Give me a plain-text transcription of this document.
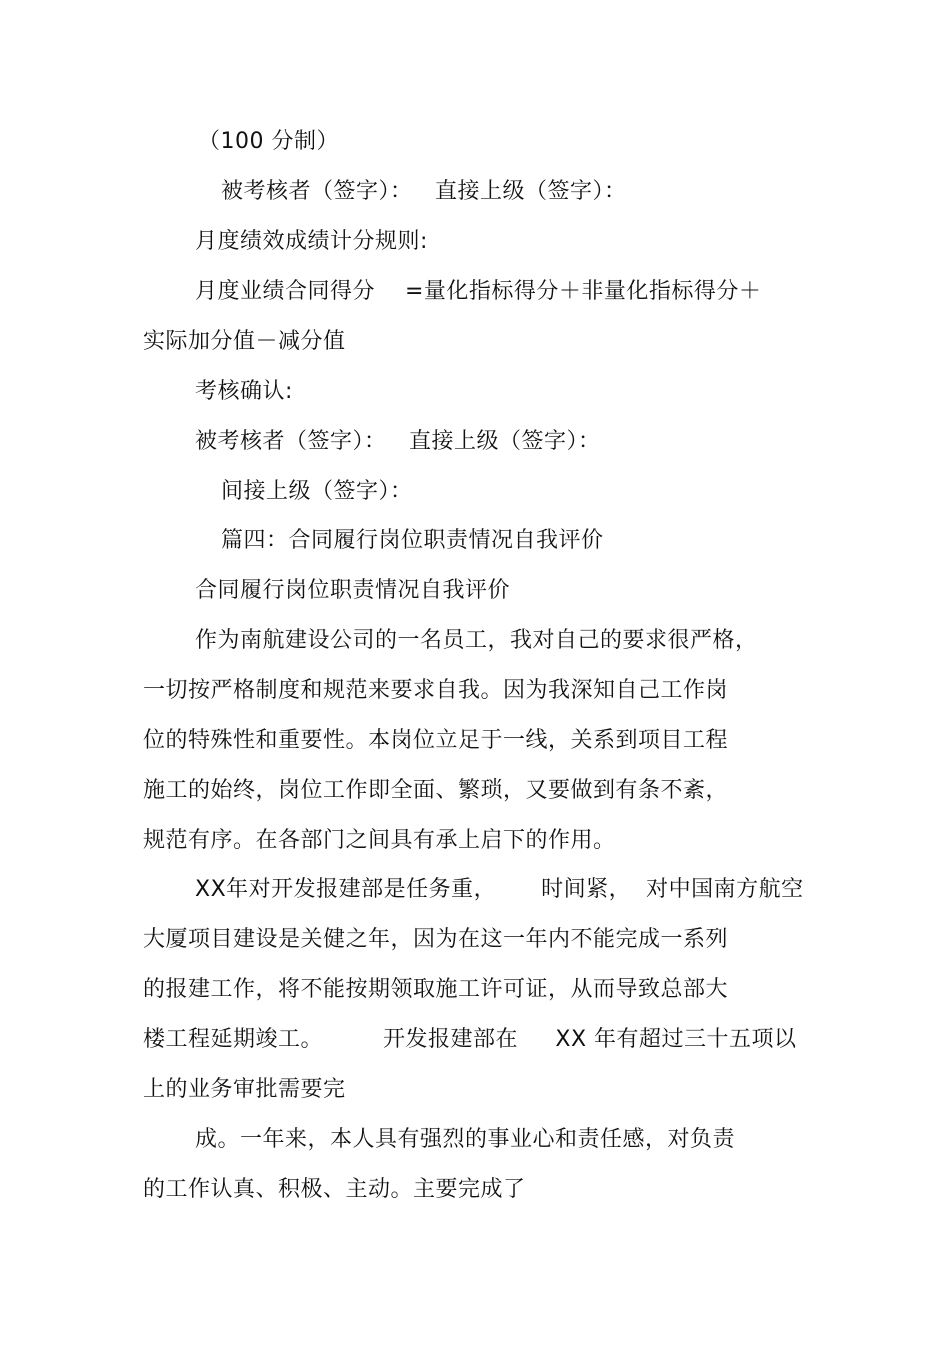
（100 分制）
被考核者（签字）：   直接上级（签字）：
月度绩效成绩计分规则:
月度业绩合同得分    =量化指标得分＋非量化指标得分＋
实际加分值－减分值
考核确认:
被考核者（签字）：   直接上级（签字）：
间接上级（签字）：
篇四：合同履行岗位职责情况自我评价
合同履行岗位职责情况自我评价
作为南航建设公司的一名员工，我对自己的要求很严格，
一切按严格制度和规范来要求自我。因为我深知自己工作岗
位的特殊性和重要性。本岗位立足于一线，关系到项目工程
施工的始终，岗位工作即全面、繁琐，又要做到有条不紊，
规范有序。在各部门之间具有承上启下的作用。
XX年对开发报建部是任务重，      时间紧，  对中国南方航空
大厦项目建设是关健之年，因为在这一年内不能完成一系列
的报建工作，将不能按期领取施工许可证，从而导致总部大
楼工程延期竣工。        开发报建部在     XX 年有超过三十五项以
上的业务审批需要完
成。一年来，本人具有强烈的事业心和责任感，对负责
的工作认真、积极、主动。主要完成了
